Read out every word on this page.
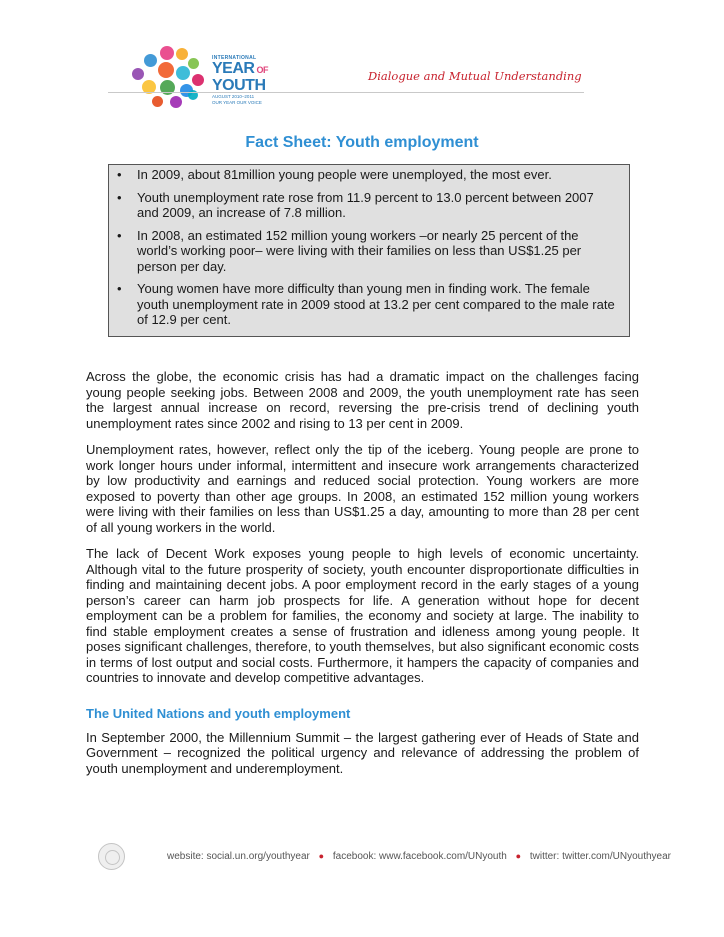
INTERNATIONAL
YEAR OF
YOUTH
AUGUST 2010–2011
OUR YEAR OUR VOICE
Dialogue and Mutual Understanding
Fact Sheet: Youth employment
• In 2009, about 81million young people were unemployed, the most ever.
• Youth unemployment rate rose from 11.9 percent to 13.0 percent between 2007 and 2009, an increase of 7.8 million.
• In 2008, an estimated 152 million young workers –or nearly 25 percent of the world’s working poor– were living with their families on less than US$1.25 per person per day.
• Young women have more difficulty than young men in finding work. The female youth unemployment rate in 2009 stood at 13.2 per cent compared to the male rate of 12.9 per cent.

Across the globe, the economic crisis has had a dramatic impact on the challenges facing young people seeking jobs. Between 2008 and 2009, the youth unemployment rate has seen the largest annual increase on record, reversing the pre-crisis trend of declining youth unemployment rates since 2002 and rising to 13 per cent in 2009.

Unemployment rates, however, reflect only the tip of the iceberg. Young people are prone to work longer hours under informal, intermittent and insecure work arrangements characterized by low productivity and earnings and reduced social protection. Young workers are more exposed to poverty than other age groups. In 2008, an estimated 152 million young workers were living with their families on less than US$1.25 a day, amounting to more than 28 per cent of all young workers in the world.

The lack of Decent Work exposes young people to high levels of economic uncertainty. Although vital to the future prosperity of society, youth encounter disproportionate difficulties in finding and maintaining decent jobs. A poor employment record in the early stages of a young person’s career can harm job prospects for life. A generation without hope for decent employment can be a problem for families, the economy and society at large. The inability to find stable employment creates a sense of frustration and idleness among young people. It poses significant challenges, therefore, to youth themselves, but also significant economic costs in terms of lost output and social costs. Furthermore, it hampers the capacity of companies and countries to innovate and develop competitive advantages.

The United Nations and youth employment

In September 2000, the Millennium Summit – the largest gathering ever of Heads of State and Government – recognized the political urgency and relevance of addressing the problem of youth unemployment and underemployment.

website: social.un.org/youthyear ● facebook: www.facebook.com/UNyouth ● twitter: twitter.com/UNyouthyear
